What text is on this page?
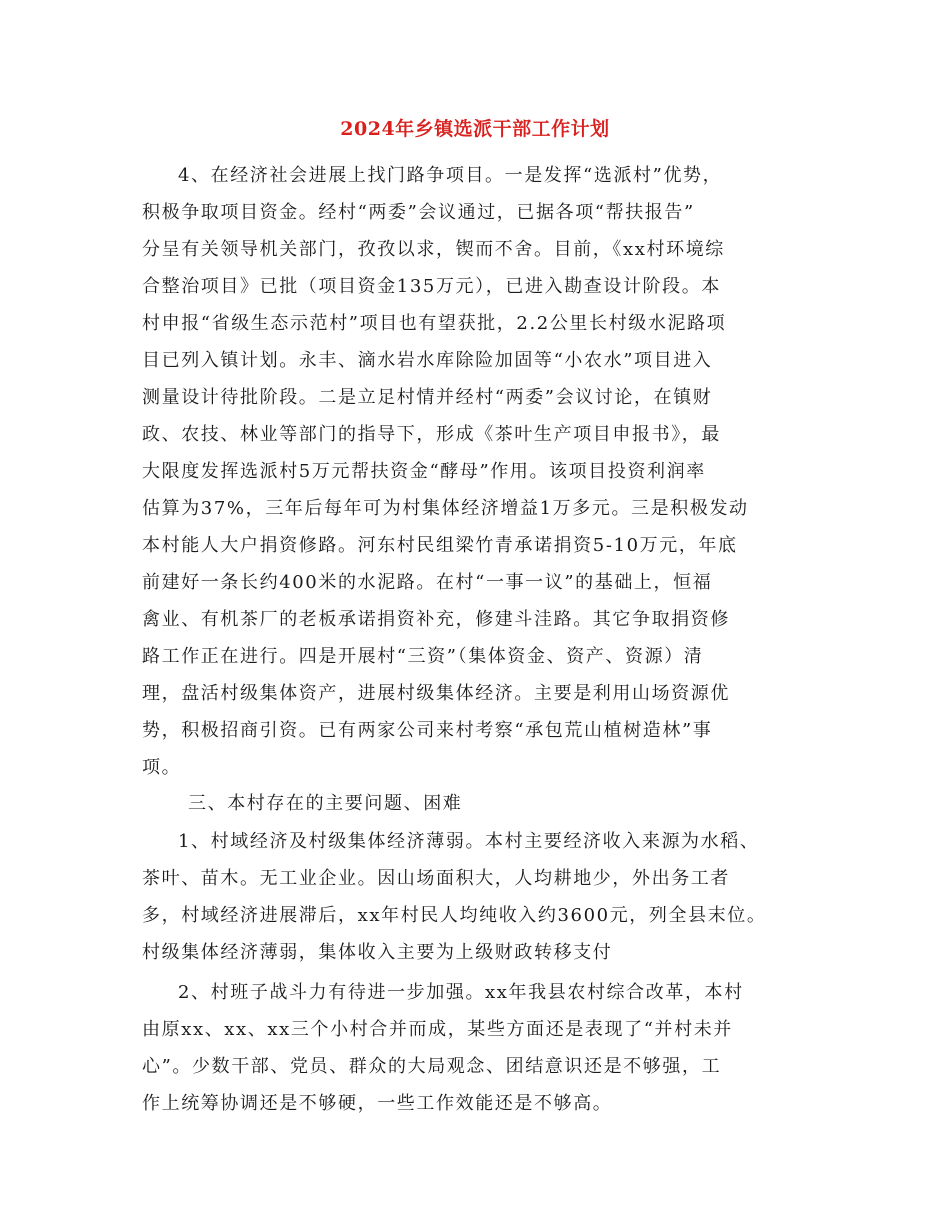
2024年乡镇选派干部工作计划
4、在经济社会进展上找门路争项目。一是发挥“选派村”优势，
积极争取项目资金。经村“两委”会议通过，已据各项“帮扶报告”
分呈有关领导机关部门，孜孜以求，锲而不舍。目前，《xx村环境综
合整治项目》已批（项目资金135万元），已进入勘查设计阶段。本
村申报“省级生态示范村”项目也有望获批，2.2公里长村级水泥路项
目已列入镇计划。永丰、滴水岩水库除险加固等“小农水”项目进入
测量设计待批阶段。二是立足村情并经村“两委”会议讨论，在镇财
政、农技、林业等部门的指导下，形成《茶叶生产项目申报书》，最
大限度发挥选派村5万元帮扶资金“酵母”作用。该项目投资利润率
估算为37%，三年后每年可为村集体经济增益1万多元。三是积极发动
本村能人大户捐资修路。河东村民组梁竹青承诺捐资5-10万元，年底
前建好一条长约400米的水泥路。在村“一事一议”的基础上，恒福
禽业、有机茶厂的老板承诺捐资补充，修建斗洼路。其它争取捐资修
路工作正在进行。四是开展村“三资”（集体资金、资产、资源）清
理，盘活村级集体资产，进展村级集体经济。主要是利用山场资源优
势，积极招商引资。已有两家公司来村考察“承包荒山植树造林”事
项。
三、本村存在的主要问题、困难
1、村域经济及村级集体经济薄弱。本村主要经济收入来源为水稻、
茶叶、苗木。无工业企业。因山场面积大，人均耕地少，外出务工者
多，村域经济进展滞后，xx年村民人均纯收入约3600元，列全县末位。
村级集体经济薄弱，集体收入主要为上级财政转移支付
2、村班子战斗力有待进一步加强。xx年我县农村综合改革，本村
由原xx、xx、xx三个小村合并而成，某些方面还是表现了“并村未并
心”。少数干部、党员、群众的大局观念、团结意识还是不够强，工
作上统筹协调还是不够硬，一些工作效能还是不够高。
